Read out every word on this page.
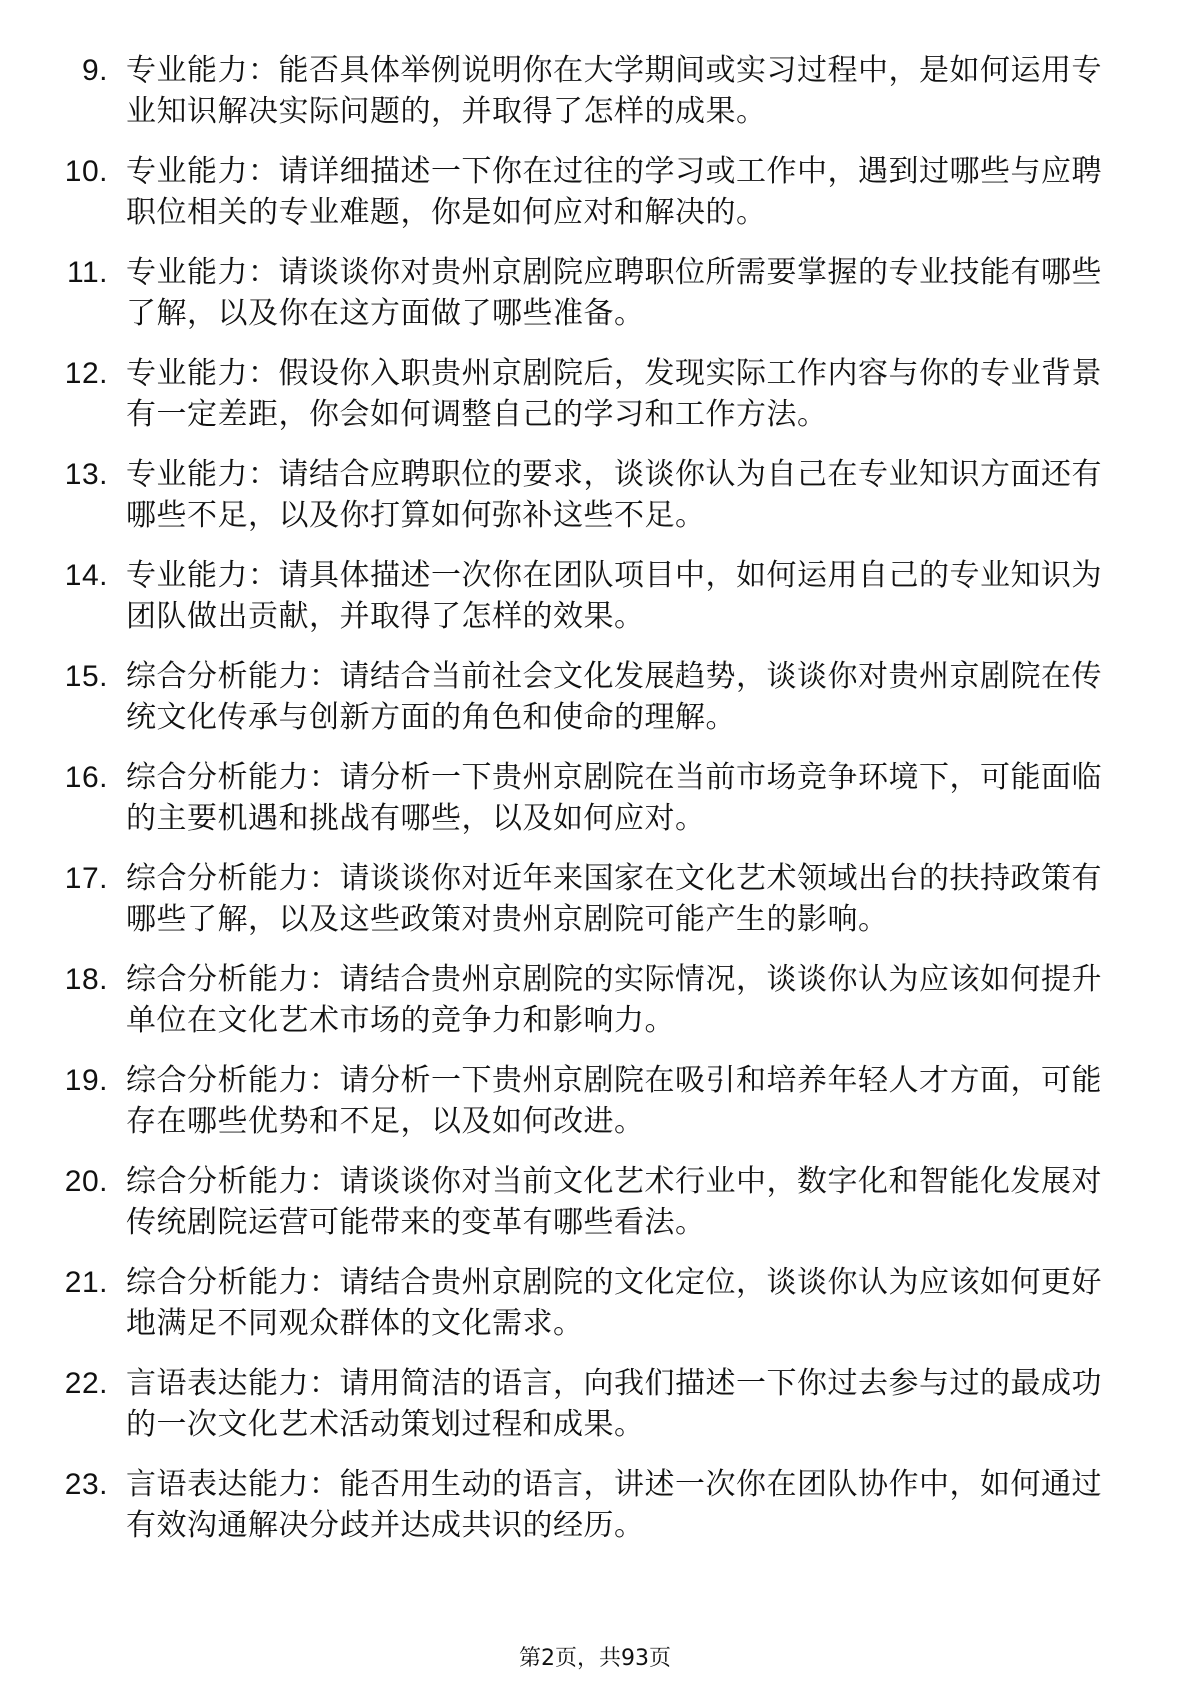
9. 专业能力：能否具体举例说明你在大学期间或实习过程中，是如何运用专业知识解决实际问题的，并取得了怎样的成果。
10. 专业能力：请详细描述一下你在过往的学习或工作中，遇到过哪些与应聘职位相关的专业难题，你是如何应对和解决的。
11. 专业能力：请谈谈你对贵州京剧院应聘职位所需要掌握的专业技能有哪些了解，以及你在这方面做了哪些准备。
12. 专业能力：假设你入职贵州京剧院后，发现实际工作内容与你的专业背景有一定差距，你会如何调整自己的学习和工作方法。
13. 专业能力：请结合应聘职位的要求，谈谈你认为自己在专业知识方面还有哪些不足，以及你打算如何弥补这些不足。
14. 专业能力：请具体描述一次你在团队项目中，如何运用自己的专业知识为团队做出贡献，并取得了怎样的效果。
15. 综合分析能力：请结合当前社会文化发展趋势，谈谈你对贵州京剧院在传统文化传承与创新方面的角色和使命的理解。
16. 综合分析能力：请分析一下贵州京剧院在当前市场竞争环境下，可能面临的主要机遇和挑战有哪些，以及如何应对。
17. 综合分析能力：请谈谈你对近年来国家在文化艺术领域出台的扶持政策有哪些了解，以及这些政策对贵州京剧院可能产生的影响。
18. 综合分析能力：请结合贵州京剧院的实际情况，谈谈你认为应该如何提升单位在文化艺术市场的竞争力和影响力。
19. 综合分析能力：请分析一下贵州京剧院在吸引和培养年轻人才方面，可能存在哪些优势和不足，以及如何改进。
20. 综合分析能力：请谈谈你对当前文化艺术行业中，数字化和智能化发展对传统剧院运营可能带来的变革有哪些看法。
21. 综合分析能力：请结合贵州京剧院的文化定位，谈谈你认为应该如何更好地满足不同观众群体的文化需求。
22. 言语表达能力：请用简洁的语言，向我们描述一下你过去参与过的最成功的一次文化艺术活动策划过程和成果。
23. 言语表达能力：能否用生动的语言，讲述一次你在团队协作中，如何通过有效沟通解决分歧并达成共识的经历。
第2页，共93页
